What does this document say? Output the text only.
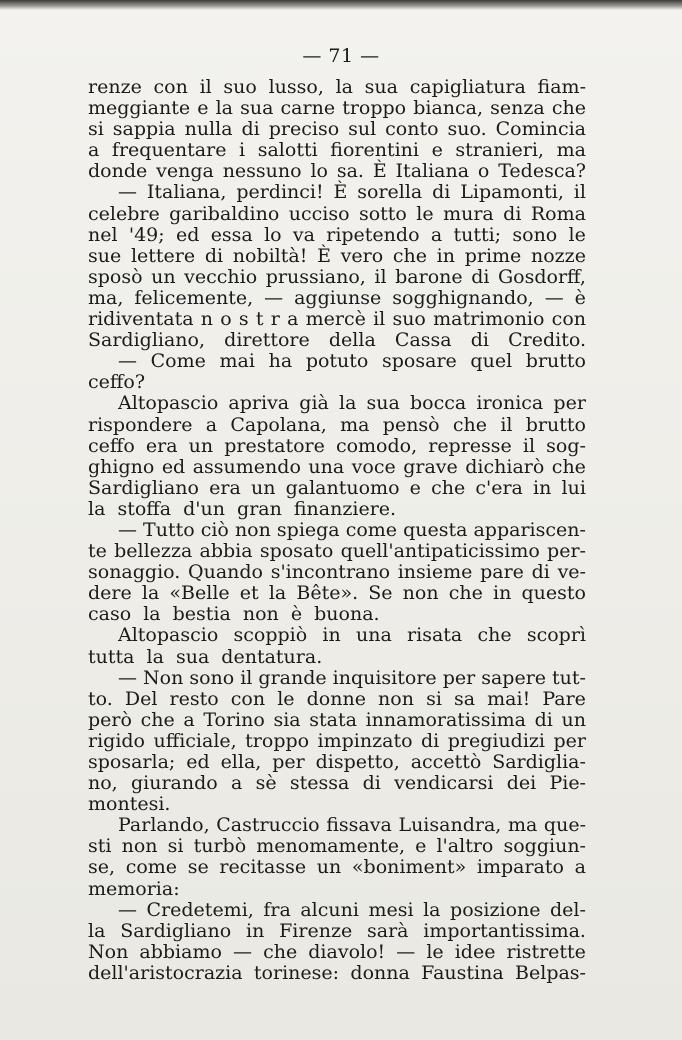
— 71 —
renze con il suo lusso, la sua capigliatura fiam-
meggiante e la sua carne troppo bianca, senza che
si sappia nulla di preciso sul conto suo. Comincia
a frequentare i salotti fiorentini e stranieri, ma
donde venga nessuno lo sa. È Italiana o Tedesca?
— Italiana, perdinci! È sorella di Lipamonti, il
celebre garibaldino ucciso sotto le mura di Roma
nel '49; ed essa lo va ripetendo a tutti; sono le
sue lettere di nobiltà! È vero che in prime nozze
sposò un vecchio prussiano, il barone di Gosdorff,
ma, felicemente, — aggiunse sogghignando, — è
ridiventata n o s t r a mercè il suo matrimonio con
Sardigliano, direttore della Cassa di Credito.
— Come mai ha potuto sposare quel brutto
ceffo?
Altopascio apriva già la sua bocca ironica per
rispondere a Capolana, ma pensò che il brutto
ceffo era un prestatore comodo, represse il sog-
ghigno ed assumendo una voce grave dichiarò che
Sardigliano era un galantuomo e che c'era in lui
la stoffa d'un gran finanziere.
— Tutto ciò non spiega come questa appariscen-
te bellezza abbia sposato quell'antipaticissimo per-
sonaggio. Quando s'incontrano insieme pare di ve-
dere la «Belle et la Bête». Se non che in questo
caso la bestia non è buona.
Altopascio scoppiò in una risata che scoprì
tutta la sua dentatura.
— Non sono il grande inquisitore per sapere tut-
to. Del resto con le donne non si sa mai! Pare
però che a Torino sia stata innamoratissima di un
rigido ufficiale, troppo impinzato di pregiudizi per
sposarla; ed ella, per dispetto, accettò Sardiglia-
no, giurando a sè stessa di vendicarsi dei Pie-
montesi.
Parlando, Castruccio fissava Luisandra, ma que-
sti non si turbò menomamente, e l'altro soggiun-
se, come se recitasse un «boniment» imparato a
memoria:
— Credetemi, fra alcuni mesi la posizione del-
la Sardigliano in Firenze sarà importantissima.
Non abbiamo — che diavolo! — le idee ristrette
dell'aristocrazia torinese: donna Faustina Belpas-
